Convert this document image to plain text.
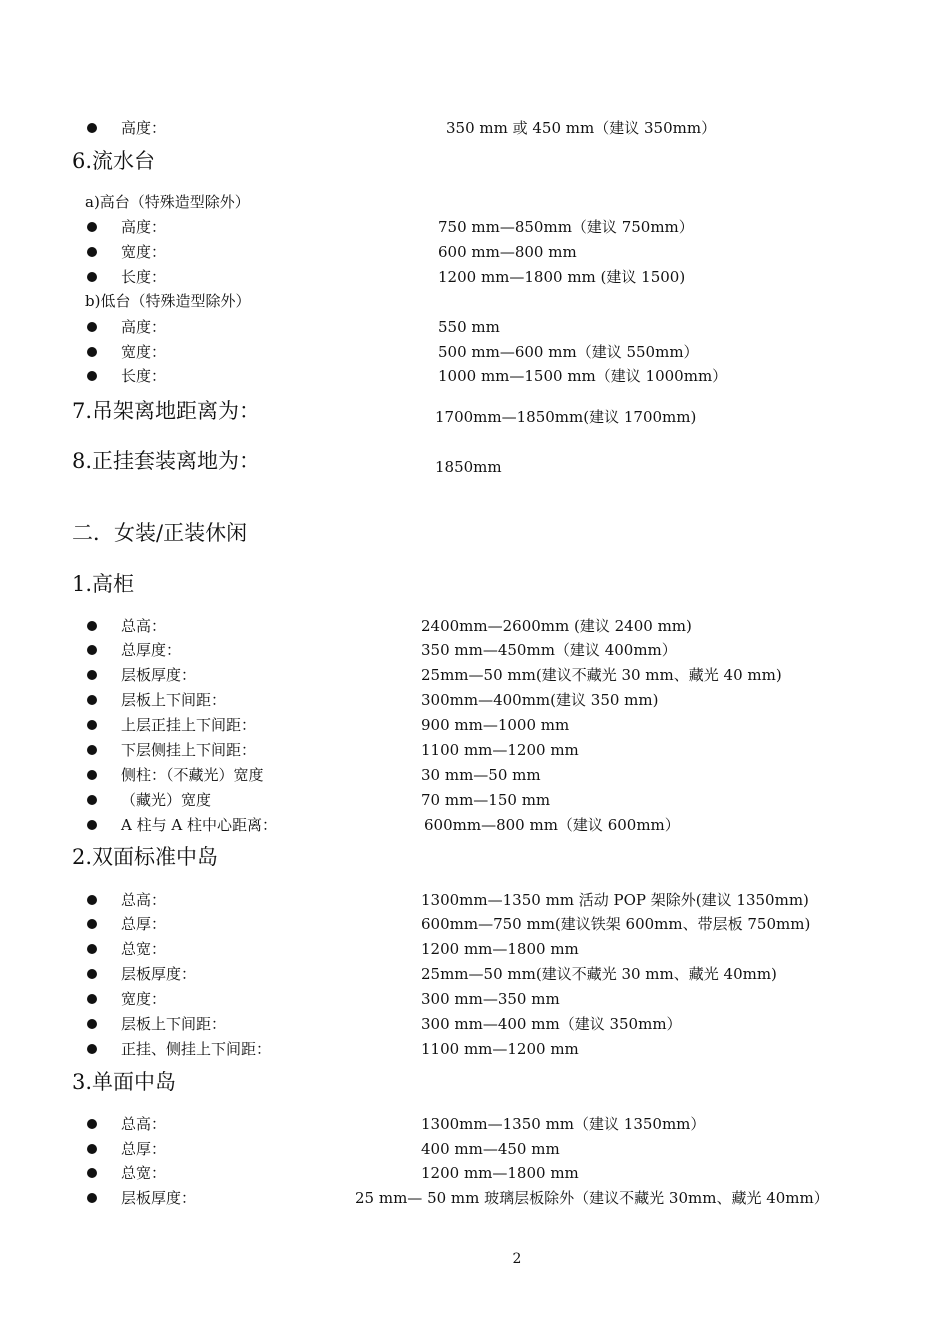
高度：	350 mm 或 450 mm（建议 350mm）
6.流水台
a)高台（特殊造型除外）
高度：	750 mm—850mm（建议 750mm）
宽度：	600 mm—800 mm
长度：	1200 mm—1800 mm (建议 1500)
b)低台（特殊造型除外）
高度：	550 mm
宽度：	500 mm—600 mm（建议 550mm）
长度：	1000 mm—1500 mm（建议 1000mm）
7.吊架离地距离为：	1700mm—1850mm(建议 1700mm)
8.正挂套装离地为：	1850mm
二．女装/正装休闲
1.高柜
总高：	2400mm—2600mm (建议 2400 mm)
总厚度：	350 mm—450mm（建议 400mm）
层板厚度：	25mm—50 mm(建议不藏光 30 mm、藏光 40 mm)
层板上下间距：	300mm—400mm(建议 350 mm)
上层正挂上下间距：	900 mm—1000 mm
下层侧挂上下间距：	1100 mm—1200 mm
侧柱：（不藏光）宽度	30 mm—50 mm
（藏光）宽度	70 mm—150 mm
A 柱与 A 柱中心距离：	600mm—800 mm（建议 600mm）
2.双面标准中岛
总高：	1300mm—1350 mm 活动 POP 架除外(建议 1350mm)
总厚：	600mm—750 mm(建议铁架 600mm、带层板 750mm)
总宽：	1200 mm—1800 mm
层板厚度：	25mm—50 mm(建议不藏光 30 mm、藏光 40mm)
宽度：	300 mm—350 mm
层板上下间距：	300 mm—400 mm（建议 350mm）
正挂、侧挂上下间距：	1100 mm—1200 mm
3.单面中岛
总高：	1300mm—1350 mm（建议 1350mm）
总厚：	400 mm—450 mm
总宽：	1200 mm—1800 mm
层板厚度：	25 mm— 50 mm 玻璃层板除外（建议不藏光 30mm、藏光 40mm）
2
